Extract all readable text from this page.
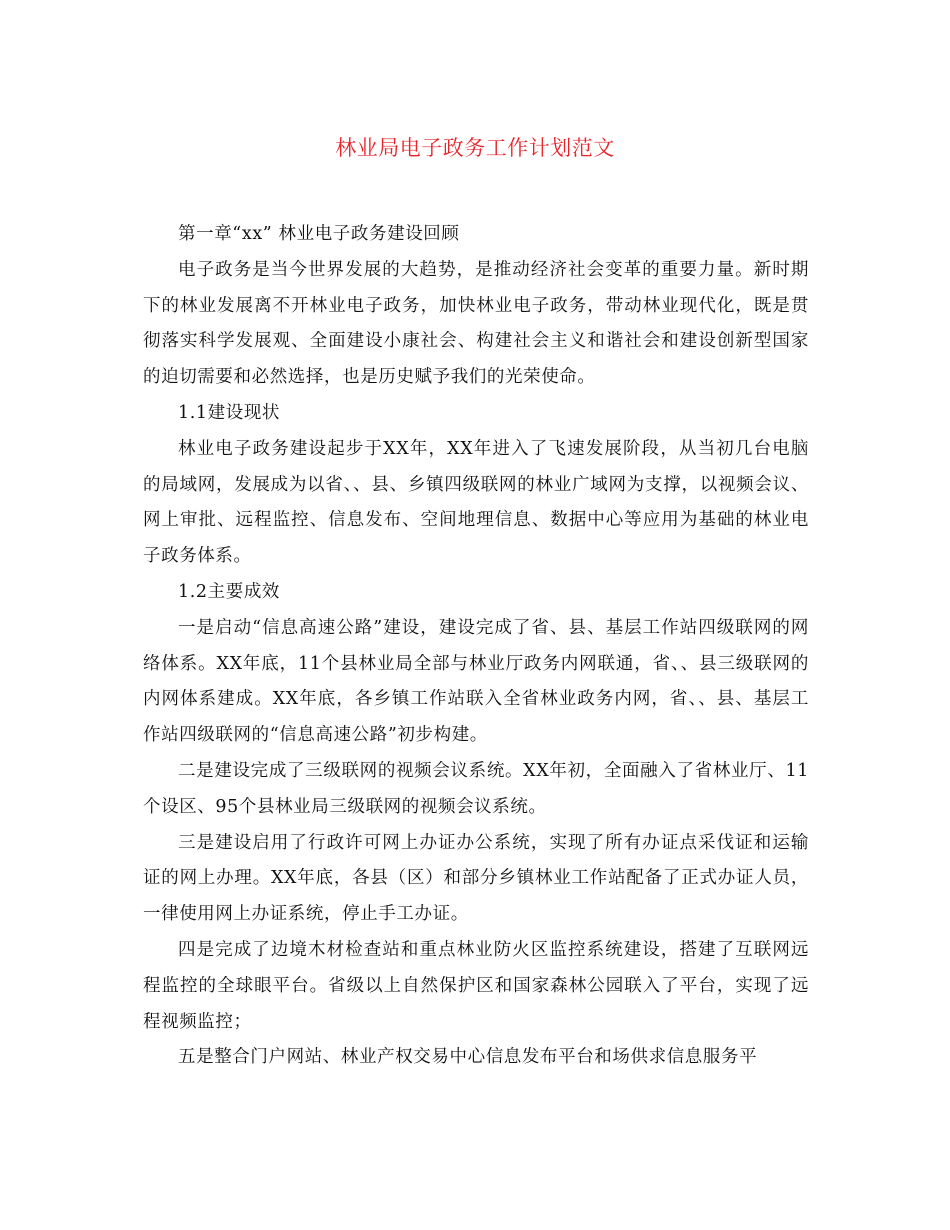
林业局电子政务工作计划范文

第一章“xx” 林业电子政务建设回顾

电子政务是当今世界发展的大趋势，是推动经济社会变革的重要力量。新时期下的林业发展离不开林业电子政务，加快林业电子政务，带动林业现代化，既是贯彻落实科学发展观、全面建设小康社会、构建社会主义和谐社会和建设创新型国家的迫切需要和必然选择，也是历史赋予我们的光荣使命。

1.1建设现状

林业电子政务建设起步于XX年，XX年进入了飞速发展阶段，从当初几台电脑的局域网，发展成为以省、、县、乡镇四级联网的林业广域网为支撑，以视频会议、网上审批、远程监控、信息发布、空间地理信息、数据中心等应用为基础的林业电子政务体系。

1.2主要成效

一是启动“信息高速公路”建设，建设完成了省、县、基层工作站四级联网的网络体系。XX年底，11个县林业局全部与林业厅政务内网联通，省、、县三级联网的内网体系建成。XX年底，各乡镇工作站联入全省林业政务内网，省、、县、基层工作站四级联网的“信息高速公路”初步构建。

二是建设完成了三级联网的视频会议系统。XX年初，全面融入了省林业厅、11个设区、95个县林业局三级联网的视频会议系统。

三是建设启用了行政许可网上办证办公系统，实现了所有办证点采伐证和运输证的网上办理。XX年底，各县（区）和部分乡镇林业工作站配备了正式办证人员，一律使用网上办证系统，停止手工办证。

四是完成了边境木材检查站和重点林业防火区监控系统建设，搭建了互联网远程监控的全球眼平台。省级以上自然保护区和国家森林公园联入了平台，实现了远程视频监控；

五是整合门户网站、林业产权交易中心信息发布平台和场供求信息服务平
